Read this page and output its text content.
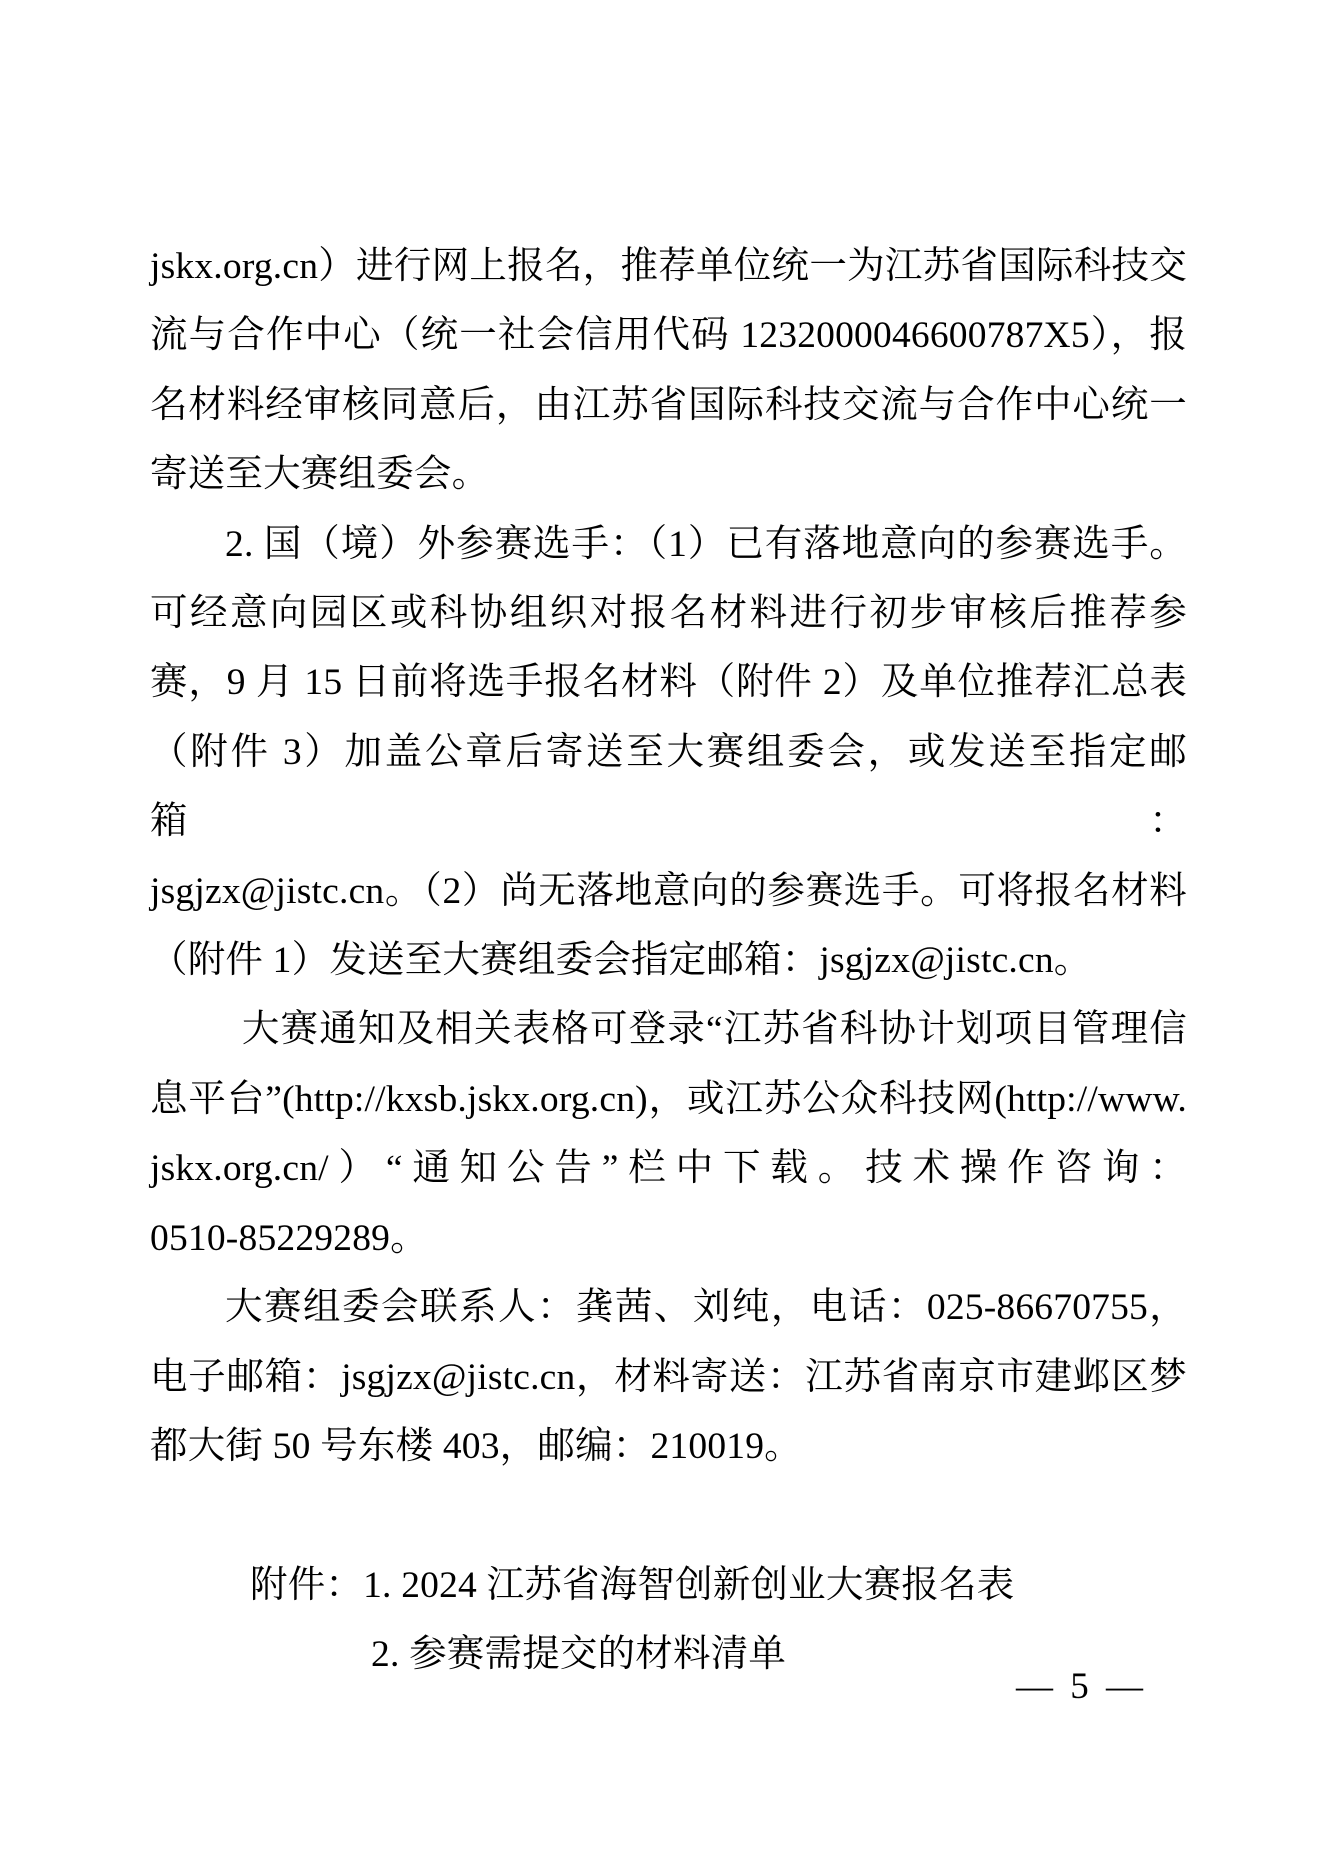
jskx.org.cn）进行网上报名，推荐单位统一为江苏省国际科技交

流与合作中心（统一社会信用代码 1232000046600787X5），报

名材料经审核同意后，由江苏省国际科技交流与合作中心统一

寄送至大赛组委会。

2. 国（境）外参赛选手：（1）已有落地意向的参赛选手。

可经意向园区或科协组织对报名材料进行初步审核后推荐参

赛，9 月 15 日前将选手报名材料（附件 2）及单位推荐汇总表

（附件 3）加盖公章后寄送至大赛组委会，或发送至指定邮箱：

jsgjzx@jistc.cn。（2）尚无落地意向的参赛选手。可将报名材料

（附件 1）发送至大赛组委会指定邮箱：jsgjzx@jistc.cn。

大赛通知及相关表格可登录“江苏省科协计划项目管理信

息平台”(http://kxsb.jskx.org.cn)，或江苏公众科技网(http://www.

jskx.org.cn/）“通知公告”栏中下载。技术操作咨询：

0510-85229289。

大赛组委会联系人：龚茜、刘纯，电话：025-86670755，

电子邮箱：jsgjzx@jistc.cn，材料寄送：江苏省南京市建邺区梦

都大街 50 号东楼 403，邮编：210019。

附件：1. 2024 江苏省海智创新创业大赛报名表

2. 参赛需提交的材料清单

— 5 —
